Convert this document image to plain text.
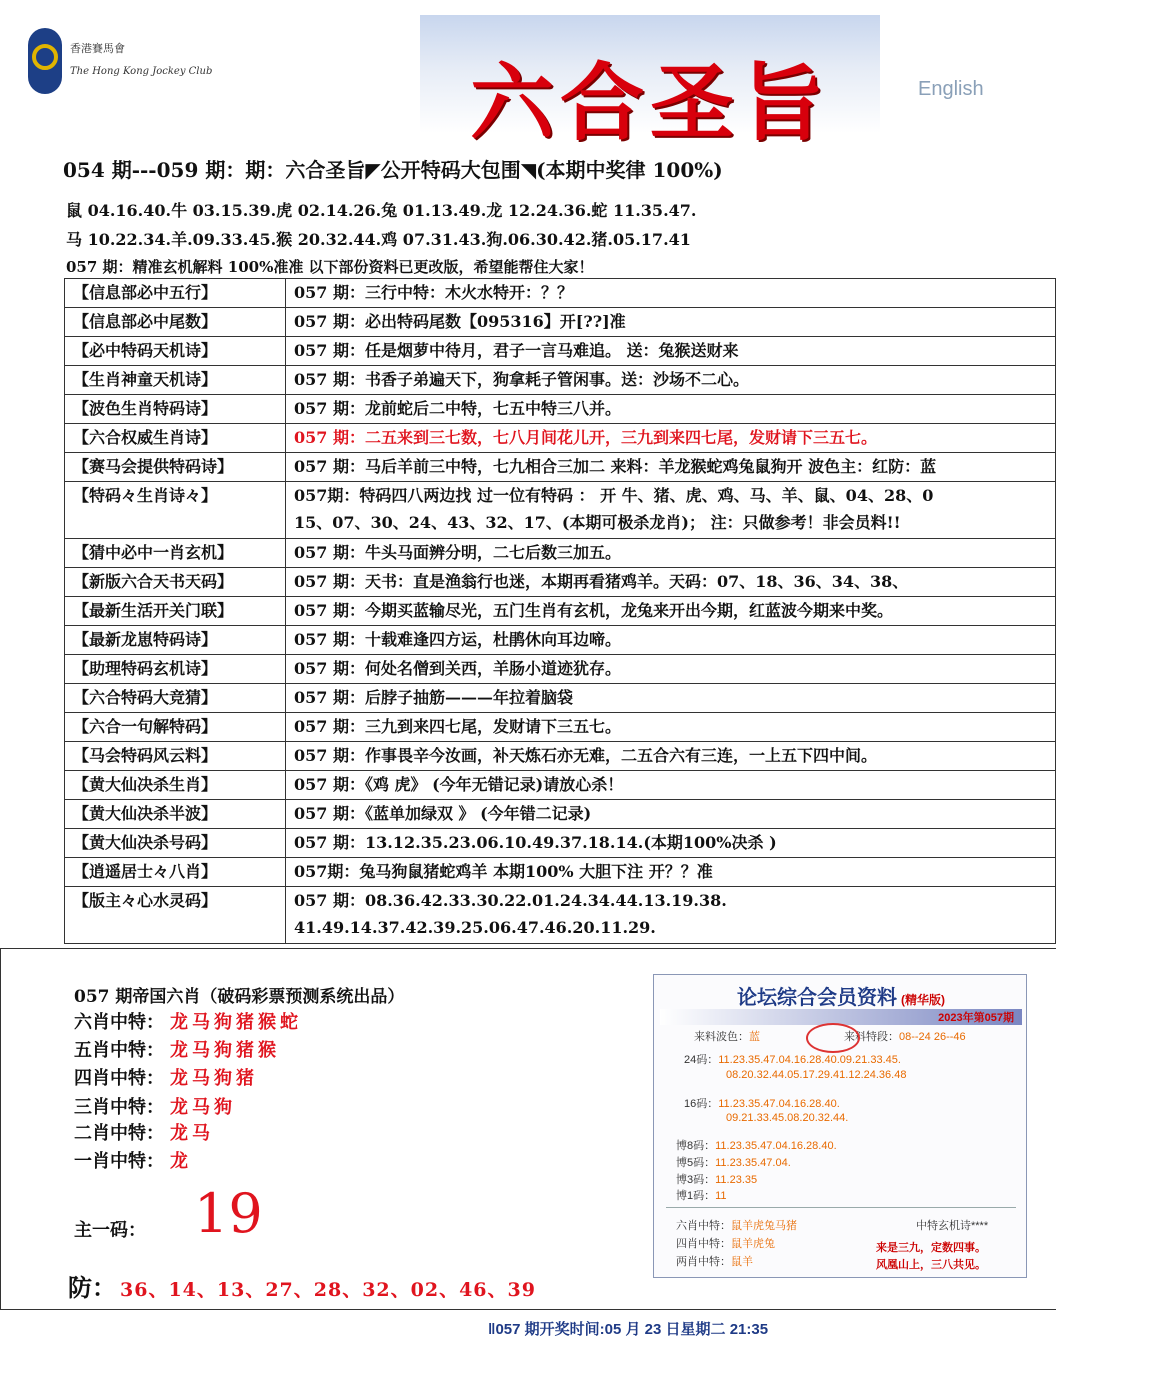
香港賽馬會
The Hong Kong Jockey Club	六合圣旨	English
054 期---059 期：期：六合圣旨◤公开特码大包围◥(本期中奖律 100%)
鼠 04.16.40.牛 03.15.39.虎 02.14.26.兔 01.13.49.龙 12.24.36.蛇 11.35.47.
马 10.22.34.羊.09.33.45.猴 20.32.44.鸡 07.31.43.狗.06.30.42.猪.05.17.41
057 期：精准玄机解料 100%准准 以下部份资料已更改版，希望能帮住大家！
【信息部必中五行】	057 期：三行中特：木火水特开：？？
【信息部必中尾数】	057 期：必出特码尾数【095316】开[??]准
【必中特码天机诗】	057 期：任是烟萝中待月，君子一言马难追。 送：兔猴送财来
【生肖神童天机诗】	057 期：书香子弟遍天下，狗拿耗子管闲事。送：沙场不二心。
【波色生肖特码诗】	057 期：龙前蛇后二中特，七五中特三八并。
【六合权威生肖诗】	057 期：二五来到三七数，七八月间花儿开，三九到来四七尾，发财请下三五七。
【赛马会提供特码诗】	057 期：马后羊前三中特，七九相合三加二 来料：羊龙猴蛇鸡兔鼠狗开 波色主：红防：蓝
【特码々生肖诗々】	057期：特码四八两边找 过一位有特码 ： 开 牛、猪、虎、鸡、马、羊、鼠、04、28、0
15、07、30、24、43、32、17、(本期可极杀龙肖)； 注：只做参考！非会员料!!

【猜中必中一肖玄机】	057 期：牛头马面辨分明，二七后数三加五。
【新版六合天书天码】	057 期：天书：直是渔翁行也迷，本期再看猪鸡羊。天码：07、18、36、34、38、
【最新生活开关门联】	057 期：今期买蓝输尽光，五门生肖有玄机，龙兔来开出今期，红蓝波今期来中奖。
【最新龙崽特码诗】	057 期：十载难逢四方运，杜鹃休向耳边啼。
【助理特码玄机诗】	057 期：何处名僧到关西，羊肠小道迹犹存。
【六合特码大竞猜】	057 期：后脖子抽筋———年拉着脑袋
【六合一句解特码】	057 期：三九到来四七尾，发财请下三五七。
【马会特码风云料】	057 期：作事畏辛今汝画，补天炼石亦无难，二五合六有三连，一上五下四中间。
【黄大仙决杀生肖】	057 期：《鸡 虎》 (今年无错记录)请放心杀！
【黄大仙决杀半波】	057 期：《蓝单加绿双 》 (今年错二记录)
【黄大仙决杀号码】	057 期：13.12.35.23.06.10.49.37.18.14.(本期100%决杀 )
【逍遥居士々八肖】	057期：兔马狗鼠猪蛇鸡羊 本期100% 大胆下注 开？？准
【版主々心水灵码】	057 期：08.36.42.33.30.22.01.24.34.44.13.19.38.
41.49.14.37.42.39.25.06.47.46.20.11.29.
057 期帝国六肖（破码彩票预测系统出品）
六肖中特： 龙马狗猪猴蛇
五肖中特： 龙马狗猪猴
四肖中特： 龙马狗猪
三肖中特： 龙马狗
二肖中特： 龙马
一肖中特： 龙
主一码： 19
防： 36、14、13、27、28、32、02、46、39
论坛综合会员资料 (精华版)
2023年第057期
来料波色：蓝	来料特段：08--24 26--46
24码：11.23.35.47.04.16.28.40.09.21.33.45.
08.20.32.44.05.17.29.41.12.24.36.48
16码：11.23.35.47.04.16.28.40.
09.21.33.45.08.20.32.44.
博8码：11.23.35.47.04.16.28.40.
博5码：11.23.35.47.04.
博3码：11.23.35
博1码：11
六肖中特：鼠羊虎兔马猪
四肖中特：鼠羊虎兔
两肖中特：鼠羊
中特玄机诗****
来是三九，定数四事。
风凰山上，三八共见。
‖057 期开奖时间:05 月 23 日星期二 21:35
